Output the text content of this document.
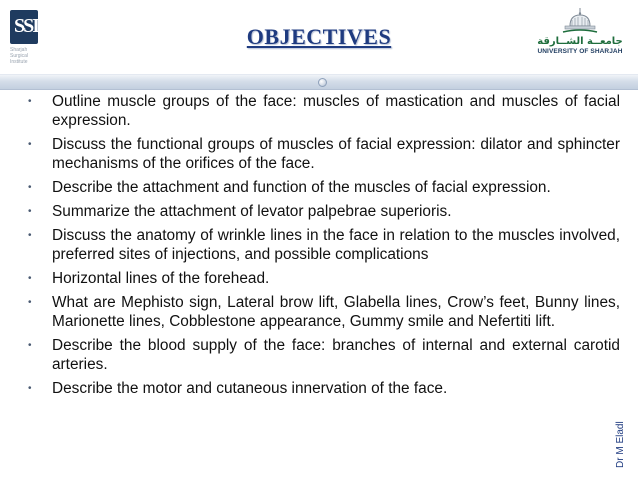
SSI
Sharjah
Surgical
Institute
OBJECTIVES	جامعــة الشــارقة
UNIVERSITY OF SHARJAH
• Outline muscle groups of the face: muscles of mastication and muscles of facial expression.
• Discuss the functional groups of muscles of facial expression: dilator and sphincter mechanisms of the orifices of the face.
• Describe the attachment and function of the muscles of facial expression.
• Summarize the attachment of levator palpebrae superioris.
• Discuss the anatomy of wrinkle lines in the face in relation to the muscles involved, preferred sites of injections, and possible complications
• Horizontal lines of the forehead.
• What are Mephisto sign, Lateral brow lift, Glabella lines, Crow’s feet, Bunny lines, Marionette lines, Cobblestone appearance, Gummy smile and Nefertiti lift.
• Describe the blood supply of the face: branches of internal and external carotid arteries.
• Describe the motor and cutaneous innervation of the face.
Dr M Eladl
